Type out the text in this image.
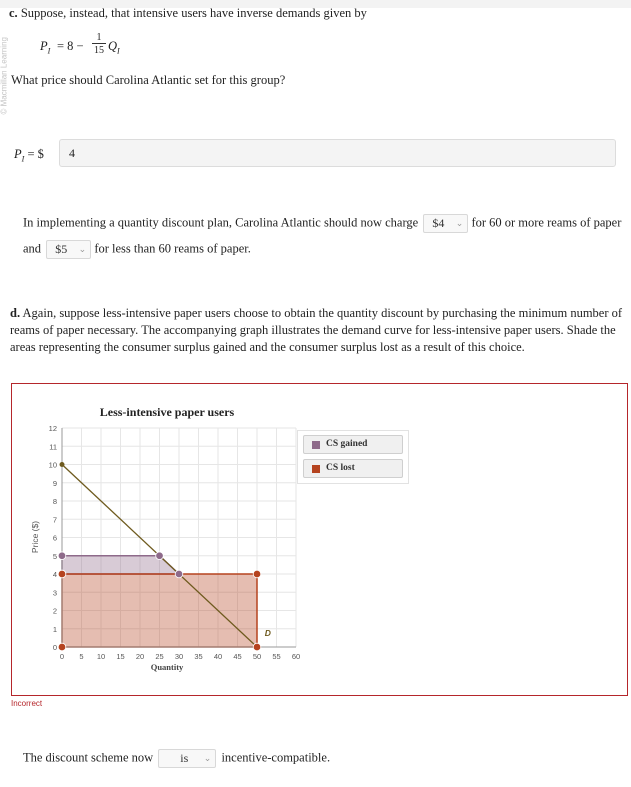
© Macmillan Learning
c. Suppose, instead, that intensive users have inverse demands given by
$P_I = 8$ −
1
15 $Q_I$
What price should Carolina Atlantic set for this group?
$P_I$ = $	4
In implementing a quantity discount plan, Carolina Atlantic should now charge $4 ⌄ for 60 or more reams of paper
and $5 ⌄ for less than 60 reams of paper.
d. Again, suppose less-intensive paper users choose to obtain the quantity discount by purchasing the minimum number of reams of paper necessary. The accompanying graph illustrates the demand curve for less-intensive paper users. Shade the areas representing the consumer surplus gained and the consumer surplus lost as a result of this choice.
Less-intensive paper users
0 5 10 15 20 25 30 35 40 45 50 55 60
0
1
2
3
4
5
6
7
8
9
10
11
12
D
Quantity
Price ($)
CS gained
CS lost
Incorrect
The discount scheme now is ⌄ incentive-compatible.
